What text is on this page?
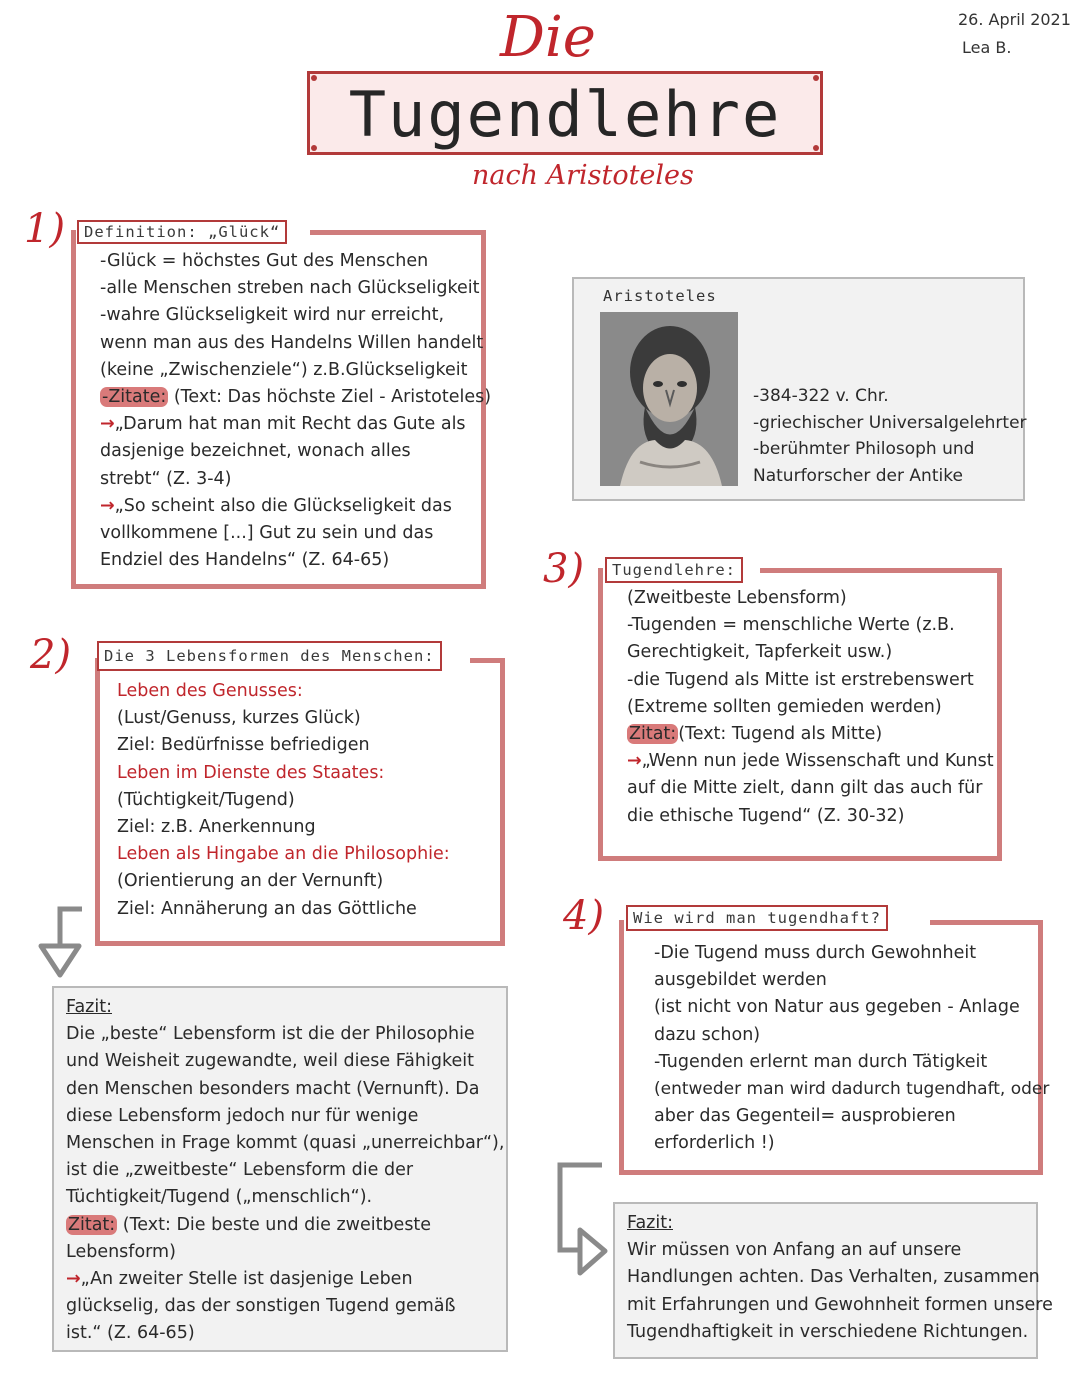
26. April 2021
Lea B.
Die
Tugendlehre
nach Aristoteles
1)	Definition: „Glück“
-Glück = höchstes Gut des Menschen
-alle Menschen streben nach Glückseligkeit
-wahre Glückseligkeit wird nur erreicht,
wenn man aus des Handelns Willen handelt
(keine „Zwischenziele“) z.B.Glückseligkeit
-Zitate: (Text: Das höchste Ziel - Aristoteles)
→„Darum hat man mit Recht das Gute als
dasjenige bezeichnet, wonach alles
strebt“ (Z. 3-4)
→„So scheint also die Glückseligkeit das
vollkommene [...] Gut zu sein und das
Endziel des Handelns“ (Z. 64-65)
Aristoteles
-384-322 v. Chr.
-griechischer Universalgelehrter
-berühmter Philosoph und
Naturforscher der Antike
2)	Die 3 Lebensformen des Menschen:
Leben des Genusses:
(Lust/Genuss, kurzes Glück)
Ziel: Bedürfnisse befriedigen
Leben im Dienste des Staates:
(Tüchtigkeit/Tugend)
Ziel: z.B. Anerkennung
Leben als Hingabe an die Philosophie:
(Orientierung an der Vernunft)
Ziel: Annäherung an das Göttliche
Fazit:
Die „beste“ Lebensform ist die der Philosophie
und Weisheit zugewandte, weil diese Fähigkeit
den Menschen besonders macht (Vernunft). Da
diese Lebensform jedoch nur für wenige
Menschen in Frage kommt (quasi „unerreichbar“),
ist die „zweitbeste“ Lebensform die der
Tüchtigkeit/Tugend („menschlich“).
Zitat: (Text: Die beste und die zweitbeste
Lebensform)
→„An zweiter Stelle ist dasjenige Leben
glückselig, das der sonstigen Tugend gemäß
ist.“ (Z. 64-65)
3)	Tugendlehre:
(Zweitbeste Lebensform)
-Tugenden = menschliche Werte (z.B.
Gerechtigkeit, Tapferkeit usw.)
-die Tugend als Mitte ist erstrebenswert
(Extreme sollten gemieden werden)
Zitat: (Text: Tugend als Mitte)
→„Wenn nun jede Wissenschaft und Kunst
auf die Mitte zielt, dann gilt das auch für
die ethische Tugend“ (Z. 30-32)
4)	Wie wird man tugendhaft?
-Die Tugend muss durch Gewohnheit
ausgebildet werden
(ist nicht von Natur aus gegeben - Anlage
dazu schon)
-Tugenden erlernt man durch Tätigkeit
(entweder man wird dadurch tugendhaft, oder
aber das Gegenteil= ausprobieren
erforderlich !)
Fazit:
Wir müssen von Anfang an auf unsere
Handlungen achten. Das Verhalten, zusammen
mit Erfahrungen und Gewohnheit formen unsere
Tugendhaftigkeit in verschiedene Richtungen.
